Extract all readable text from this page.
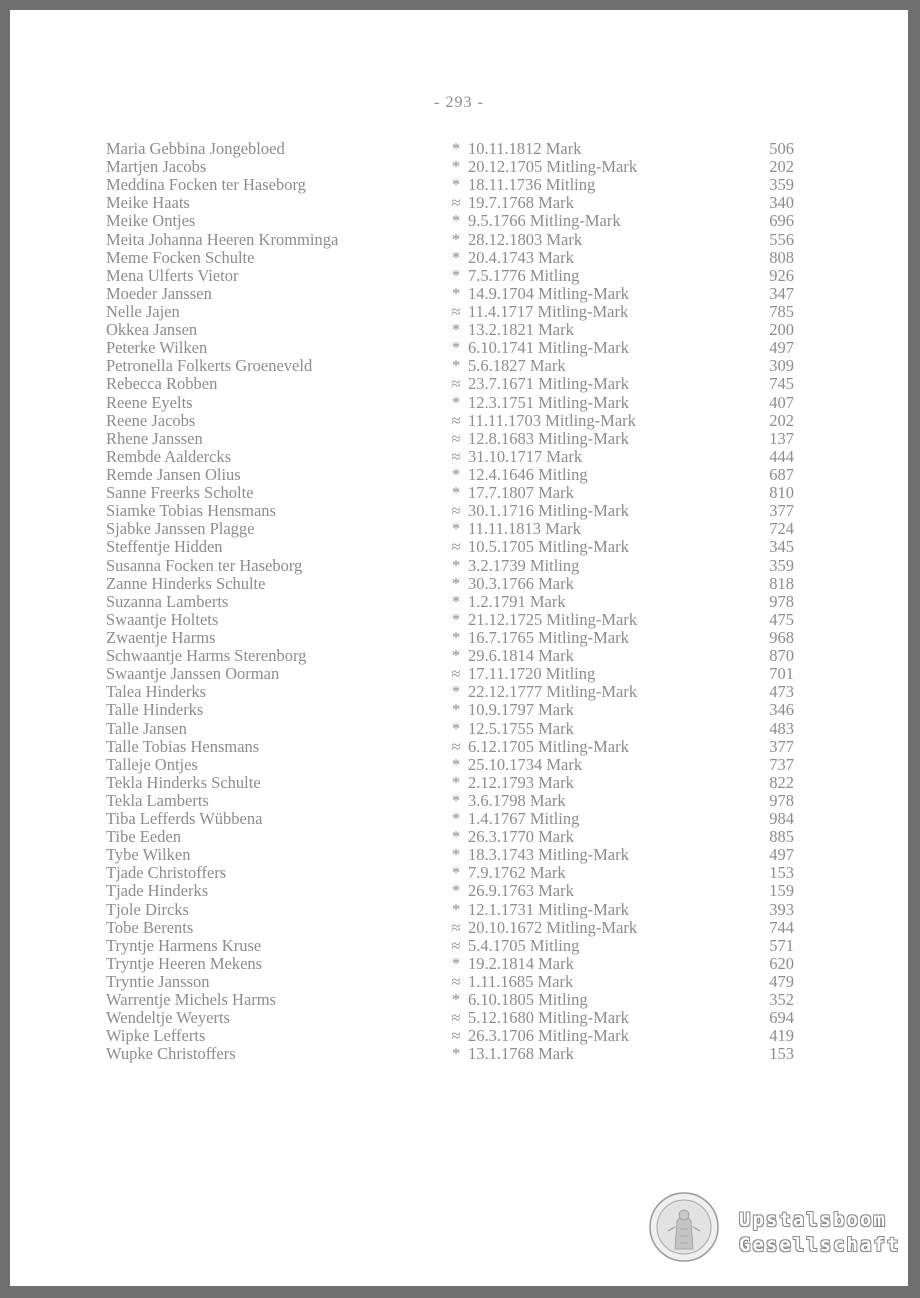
- 293 -
Maria Gebbina Jongebloed	* 10.11.1812 Mark	506
Martjen Jacobs	* 20.12.1705 Mitling-Mark	202
Meddina Focken ter Haseborg	* 18.11.1736 Mitling	359
Meike Haats	≈ 19.7.1768 Mark	340
Meike Ontjes	* 9.5.1766 Mitling-Mark	696
Meita Johanna Heeren Kromminga	* 28.12.1803 Mark	556
Meme Focken Schulte	* 20.4.1743 Mark	808
Mena Ulferts Vietor	* 7.5.1776 Mitling	926
Moeder Janssen	* 14.9.1704 Mitling-Mark	347
Nelle Jajen	≈ 11.4.1717 Mitling-Mark	785
Okkea Jansen	* 13.2.1821 Mark	200
Peterke Wilken	* 6.10.1741 Mitling-Mark	497
Petronella Folkerts Groeneveld	* 5.6.1827 Mark	309
Rebecca Robben	≈ 23.7.1671 Mitling-Mark	745
Reene Eyelts	* 12.3.1751 Mitling-Mark	407
Reene Jacobs	≈ 11.11.1703 Mitling-Mark	202
Rhene Janssen	≈ 12.8.1683 Mitling-Mark	137
Rembde Aaldercks	≈ 31.10.1717 Mark	444
Remde Jansen Olius	* 12.4.1646 Mitling	687
Sanne Freerks Scholte	* 17.7.1807 Mark	810
Siamke Tobias Hensmans	≈ 30.1.1716 Mitling-Mark	377
Sjabke Janssen Plagge	* 11.11.1813 Mark	724
Steffentje Hidden	≈ 10.5.1705 Mitling-Mark	345
Susanna Focken ter Haseborg	* 3.2.1739 Mitling	359
Zanne Hinderks Schulte	* 30.3.1766 Mark	818
Suzanna Lamberts	* 1.2.1791 Mark	978
Swaantje Holtets	* 21.12.1725 Mitling-Mark	475
Zwaentje Harms	* 16.7.1765 Mitling-Mark	968
Schwaantje Harms Sterenborg	* 29.6.1814 Mark	870
Swaantje Janssen Oorman	≈ 17.11.1720 Mitling	701
Talea Hinderks	* 22.12.1777 Mitling-Mark	473
Talle Hinderks	* 10.9.1797 Mark	346
Talle Jansen	* 12.5.1755 Mark	483
Talle Tobias Hensmans	≈ 6.12.1705 Mitling-Mark	377
Talleje Ontjes	* 25.10.1734 Mark	737
Tekla Hinderks Schulte	* 2.12.1793 Mark	822
Tekla Lamberts	* 3.6.1798 Mark	978
Tiba Lefferds Wübbena	* 1.4.1767 Mitling	984
Tibe Eeden	* 26.3.1770 Mark	885
Tybe Wilken	* 18.3.1743 Mitling-Mark	497
Tjade Christoffers	* 7.9.1762 Mark	153
Tjade Hinderks	* 26.9.1763 Mark	159
Tjole Dircks	* 12.1.1731 Mitling-Mark	393
Tobe Berents	≈ 20.10.1672 Mitling-Mark	744
Tryntje Harmens Kruse	≈ 5.4.1705 Mitling	571
Tryntje Heeren Mekens	* 19.2.1814 Mark	620
Tryntie Jansson	≈ 1.11.1685 Mark	479
Warrentje Michels Harms	* 6.10.1805 Mitling	352
Wendeltje Weyerts	≈ 5.12.1680 Mitling-Mark	694
Wipke Lefferts	≈ 26.3.1706 Mitling-Mark	419
Wupke Christoffers	* 13.1.1768 Mark	153
Upstalsboom
Gesellschaft
